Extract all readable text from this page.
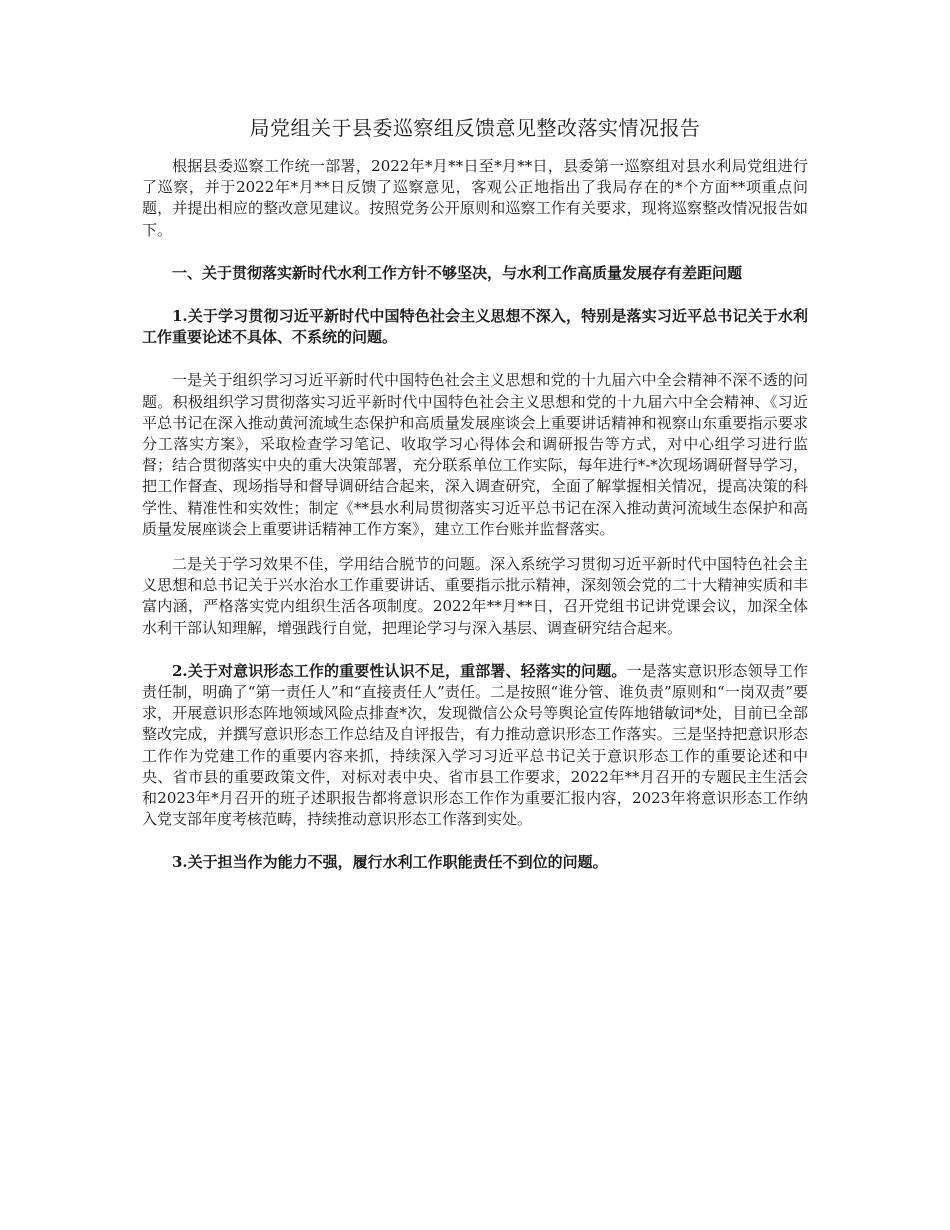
局党组关于县委巡察组反馈意见整改落实情况报告

根据县委巡察工作统一部署，2022年*月**日至*月**日，县委第一巡察组对县水利局党组进行了巡察，并于2022年*月**日反馈了巡察意见，客观公正地指出了我局存在的*个方面**项重点问题，并提出相应的整改意见建议。按照党务公开原则和巡察工作有关要求，现将巡察整改情况报告如下。

一、关于贯彻落实新时代水利工作方针不够坚决，与水利工作高质量发展存有差距问题

1.关于学习贯彻习近平新时代中国特色社会主义思想不深入，特别是落实习近平总书记关于水利工作重要论述不具体、不系统的问题。

一是关于组织学习习近平新时代中国特色社会主义思想和党的十九届六中全会精神不深不透的问题。积极组织学习贯彻落实习近平新时代中国特色社会主义思想和党的十九届六中全会精神、《习近平总书记在深入推动黄河流域生态保护和高质量发展座谈会上重要讲话精神和视察山东重要指示要求分工落实方案》，采取检查学习笔记、收取学习心得体会和调研报告等方式，对中心组学习进行监督；结合贯彻落实中央的重大决策部署，充分联系单位工作实际，每年进行*-*次现场调研督导学习，把工作督查、现场指导和督导调研结合起来，深入调查研究，全面了解掌握相关情况，提高决策的科学性、精准性和实效性；制定《**县水利局贯彻落实习近平总书记在深入推动黄河流域生态保护和高质量发展座谈会上重要讲话精神工作方案》，建立工作台账并监督落实。

二是关于学习效果不佳，学用结合脱节的问题。深入系统学习贯彻习近平新时代中国特色社会主义思想和总书记关于兴水治水工作重要讲话、重要指示批示精神，深刻领会党的二十大精神实质和丰富内涵，严格落实党内组织生活各项制度。2022年**月**日，召开党组书记讲党课会议，加深全体水利干部认知理解，增强践行自觉，把理论学习与深入基层、调查研究结合起来。

2.关于对意识形态工作的重要性认识不足，重部署、轻落实的问题。一是落实意识形态领导工作责任制，明确了“第一责任人”和“直接责任人”责任。二是按照“谁分管、谁负责”原则和“一岗双责”要求，开展意识形态阵地领域风险点排查*次，发现微信公众号等舆论宣传阵地错敏词*处，目前已全部整改完成，并撰写意识形态工作总结及自评报告，有力推动意识形态工作落实。三是坚持把意识形态工作作为党建工作的重要内容来抓，持续深入学习习近平总书记关于意识形态工作的重要论述和中央、省市县的重要政策文件，对标对表中央、省市县工作要求，2022年**月召开的专题民主生活会和2023年*月召开的班子述职报告都将意识形态工作作为重要汇报内容，2023年将意识形态工作纳入党支部年度考核范畴，持续推动意识形态工作落到实处。

3.关于担当作为能力不强，履行水利工作职能责任不到位的问题。
